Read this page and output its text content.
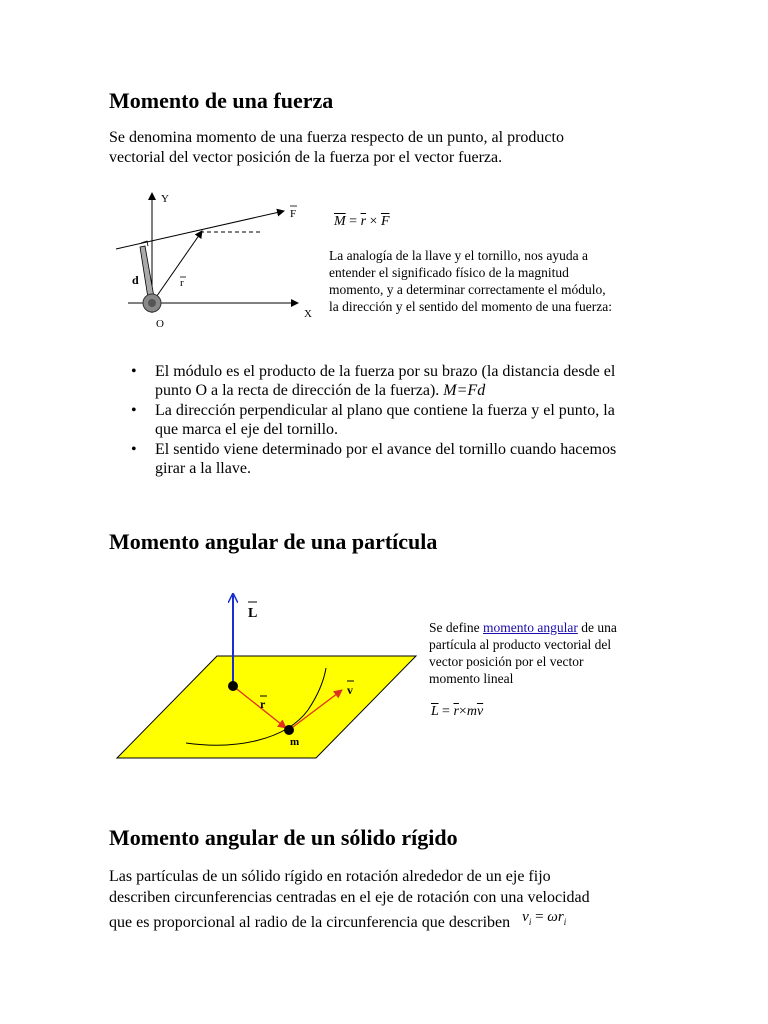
Momento de una fuerza
Se denomina momento de una fuerza respecto de un punto, al producto
vectorial del vector posición de la fuerza por el vector fuerza.
Y
X
F
r
d
O
$\overline{M} = \overline{r} \times \overline{F}$
La analogía de la llave y el tornillo, nos ayuda a
entender el significado físico de la magnitud
momento, y a determinar correctamente el módulo,
la dirección y el sentido del momento de una fuerza:
• El módulo es el producto de la fuerza por su brazo (la distancia desde el
punto O a la recta de dirección de la fuerza). M=Fd
• La dirección perpendicular al plano que contiene la fuerza y el punto, la
que marca el eje del tornillo.
• El sentido viene determinado por el avance del tornillo cuando hacemos
girar a la llave.
Momento angular de una partícula
L
r
v
m
Se define momento angular de una
partícula al producto vectorial del
vector posición por el vector
momento lineal
$\overline{L} = \overline{r}\times m\overline{v}$
Momento angular de un sólido rígido
Las partículas de un sólido rígido en rotación alrededor de un eje fijo
describen circunferencias centradas en el eje de rotación con una velocidad
que es proporcional al radio de la circunferencia que describen $v_i = \omega r_i$
